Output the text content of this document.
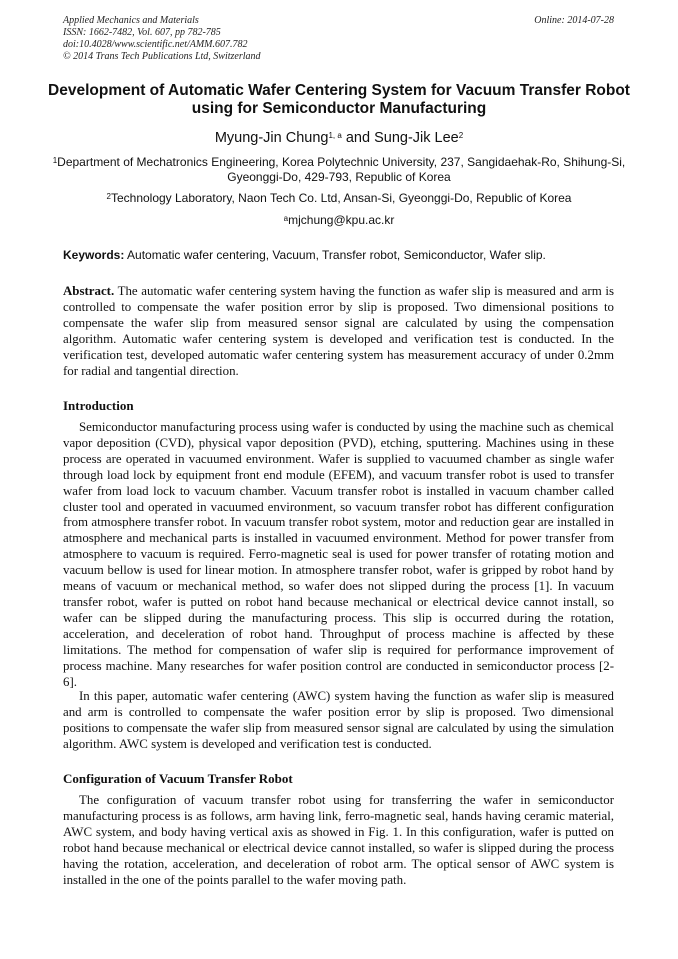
Applied Mechanics and Materials
ISSN: 1662-7482, Vol. 607, pp 782-785
doi:10.4028/www.scientific.net/AMM.607.782
© 2014 Trans Tech Publications Ltd, Switzerland
Online: 2014-07-28
Development of Automatic Wafer Centering System for Vacuum Transfer Robot using for Semiconductor Manufacturing
Myung-Jin Chung$^{1, a}$ and Sung-Jik Lee$^2$
$^1$Department of Mechatronics Engineering, Korea Polytechnic University, 237, Sangidaehak-Ro, Shihung-Si, Gyeonggi-Do, 429-793, Republic of Korea
$^2$Technology Laboratory, Naon Tech Co. Ltd, Ansan-Si, Gyeonggi-Do, Republic of Korea
$^a$mjchung@kpu.ac.kr
Keywords: Automatic wafer centering, Vacuum, Transfer robot, Semiconductor, Wafer slip.
Abstract. The automatic wafer centering system having the function as wafer slip is measured and arm is controlled to compensate the wafer position error by slip is proposed. Two dimensional positions to compensate the wafer slip from measured sensor signal are calculated by using the compensation algorithm. Automatic wafer centering system is developed and verification test is conducted. In the verification test, developed automatic wafer centering system has measurement accuracy of under 0.2mm for radial and tangential direction.
Introduction
Semiconductor manufacturing process using wafer is conducted by using the machine such as chemical vapor deposition (CVD), physical vapor deposition (PVD), etching, sputtering. Machines using in these process are operated in vacuumed environment. Wafer is supplied to vacuumed chamber as single wafer through load lock by equipment front end module (EFEM), and vacuum transfer robot is used to transfer wafer from load lock to vacuum chamber. Vacuum transfer robot is installed in vacuum chamber called cluster tool and operated in vacuumed environment, so vacuum transfer robot has different configuration from atmosphere transfer robot. In vacuum transfer robot system, motor and reduction gear are installed in atmosphere and mechanical parts is installed in vacuumed environment. Method for power transfer from atmosphere to vacuum is required. Ferro-magnetic seal is used for power transfer of rotating motion and vacuum bellow is used for linear motion. In atmosphere transfer robot, wafer is gripped by robot hand by means of vacuum or mechanical method, so wafer does not slipped during the process [1]. In vacuum transfer robot, wafer is putted on robot hand because mechanical or electrical device cannot install, so wafer can be slipped during the manufacturing process. This slip is occurred during the rotation, acceleration, and deceleration of robot hand. Throughput of process machine is affected by these limitations. The method for compensation of wafer slip is required for performance improvement of process machine. Many researches for wafer position control are conducted in semiconductor process [2-6].
In this paper, automatic wafer centering (AWC) system having the function as wafer slip is measured and arm is controlled to compensate the wafer position error by slip is proposed. Two dimensional positions to compensate the wafer slip from measured sensor signal are calculated by using the simulation algorithm. AWC system is developed and verification test is conducted.
Configuration of Vacuum Transfer Robot
The configuration of vacuum transfer robot using for transferring the wafer in semiconductor manufacturing process is as follows, arm having link, ferro-magnetic seal, hands having ceramic material, AWC system, and body having vertical axis as showed in Fig. 1. In this configuration, wafer is putted on robot hand because mechanical or electrical device cannot installed, so wafer is slipped during the process having the rotation, acceleration, and deceleration of robot arm. The optical sensor of AWC system is installed in the one of the points parallel to the wafer moving path.
